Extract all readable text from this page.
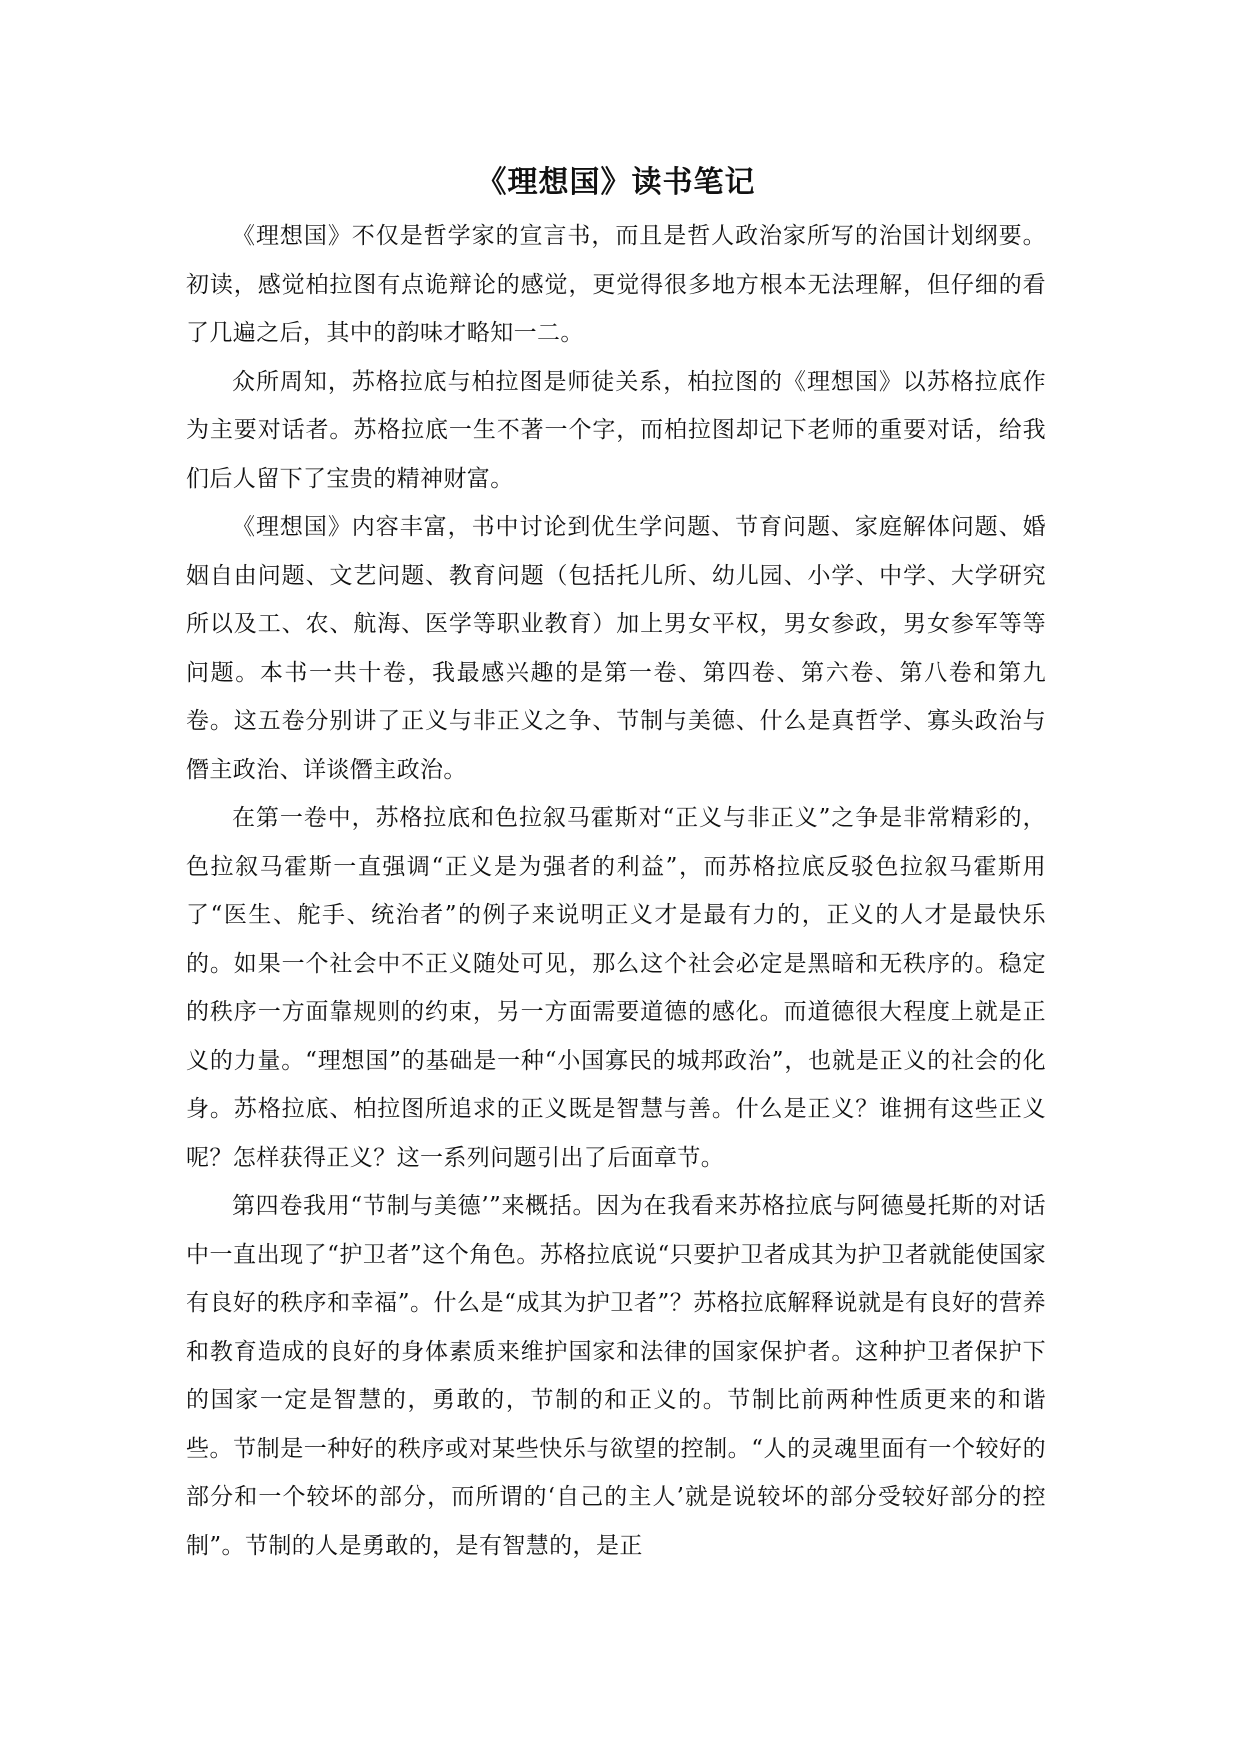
《理想国》读书笔记

《理想国》不仅是哲学家的宣言书，而且是哲人政治家所写的治国计划纲要。初读，感觉柏拉图有点诡辩论的感觉，更觉得很多地方根本无法理解，但仔细的看了几遍之后，其中的韵味才略知一二。

众所周知，苏格拉底与柏拉图是师徒关系，柏拉图的《理想国》以苏格拉底作为主要对话者。苏格拉底一生不著一个字，而柏拉图却记下老师的重要对话，给我们后人留下了宝贵的精神财富。

《理想国》内容丰富，书中讨论到优生学问题、节育问题、家庭解体问题、婚姻自由问题、文艺问题、教育问题（包括托儿所、幼儿园、小学、中学、大学研究所以及工、农、航海、医学等职业教育）加上男女平权，男女参政，男女参军等等问题。本书一共十卷，我最感兴趣的是第一卷、第四卷、第六卷、第八卷和第九卷。这五卷分别讲了正义与非正义之争、节制与美德、什么是真哲学、寡头政治与僭主政治、详谈僭主政治。

在第一卷中，苏格拉底和色拉叙马霍斯对“正义与非正义”之争是非常精彩的，色拉叙马霍斯一直强调“正义是为强者的利益”，而苏格拉底反驳色拉叙马霍斯用了“医生、舵手、统治者”的例子来说明正义才是最有力的，正义的人才是最快乐的。如果一个社会中不正义随处可见，那么这个社会必定是黑暗和无秩序的。稳定的秩序一方面靠规则的约束，另一方面需要道德的感化。而道德很大程度上就是正义的力量。“理想国”的基础是一种“小国寡民的城邦政治”，也就是正义的社会的化身。苏格拉底、柏拉图所追求的正义既是智慧与善。什么是正义？谁拥有这些正义呢？怎样获得正义？这一系列问题引出了后面章节。

第四卷我用“节制与美德’”来概括。因为在我看来苏格拉底与阿德曼托斯的对话中一直出现了“护卫者”这个角色。苏格拉底说“只要护卫者成其为护卫者就能使国家有良好的秩序和幸福”。什么是“成其为护卫者”？苏格拉底解释说就是有良好的营养和教育造成的良好的身体素质来维护国家和法律的国家保护者。这种护卫者保护下的国家一定是智慧的，勇敢的，节制的和正义的。节制比前两种性质更来的和谐些。节制是一种好的秩序或对某些快乐与欲望的控制。“人的灵魂里面有一个较好的部分和一个较坏的部分，而所谓的‘自己的主人’就是说较坏的部分受较好部分的控制”。节制的人是勇敢的，是有智慧的，是正
